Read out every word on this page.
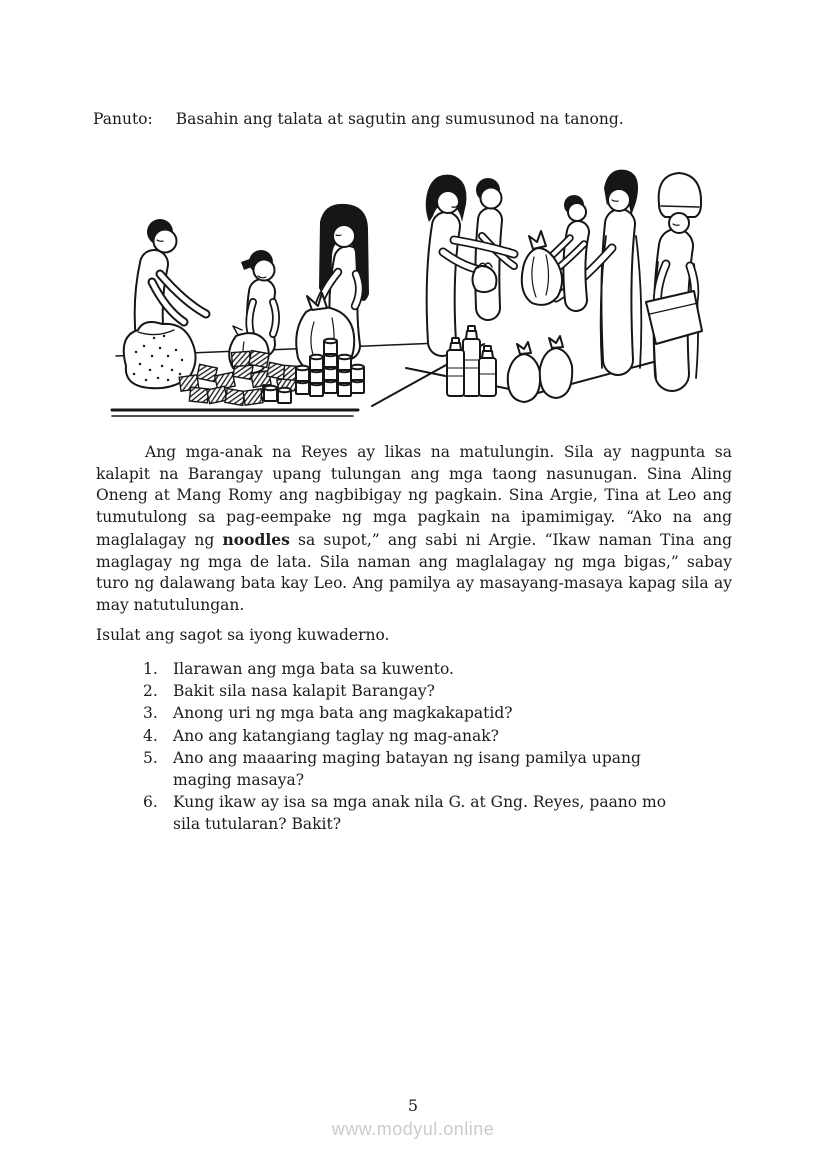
Panuto: Basahin ang talata at sagutin ang sumusunod na tanong.

Ang mga-anak na Reyes ay likas na matulungin. Sila ay nagpunta sa kalapit na Barangay upang tulungan ang mga taong nasunugan. Sina Aling Oneng at Mang Romy ang nagbibigay ng pagkain. Sina Argie, Tina at Leo ang tumutulong sa pag-eempake ng mga pagkain na ipamimigay. “Ako na ang maglalagay ng noodles sa supot,” ang sabi ni Argie. “Ikaw naman Tina ang maglagay ng mga de lata. Sila naman ang maglalagay ng mga bigas,” sabay turo ng dalawang bata kay Leo. Ang pamilya ay masayang-masaya kapag sila ay may natutulungan.

Isulat ang sagot sa iyong kuwaderno.

1. Ilarawan ang mga bata sa kuwento.
2. Bakit sila nasa kalapit Barangay?
3. Anong uri ng mga bata ang magkakapatid?
4. Ano ang katangiang taglay ng mag-anak?
5. Ano ang maaaring maging batayan ng isang pamilya upang maging masaya?
6. Kung ikaw ay isa sa mga anak nila G. at Gng. Reyes, paano mo sila tutularan? Bakit?
5
www.modyul.online
